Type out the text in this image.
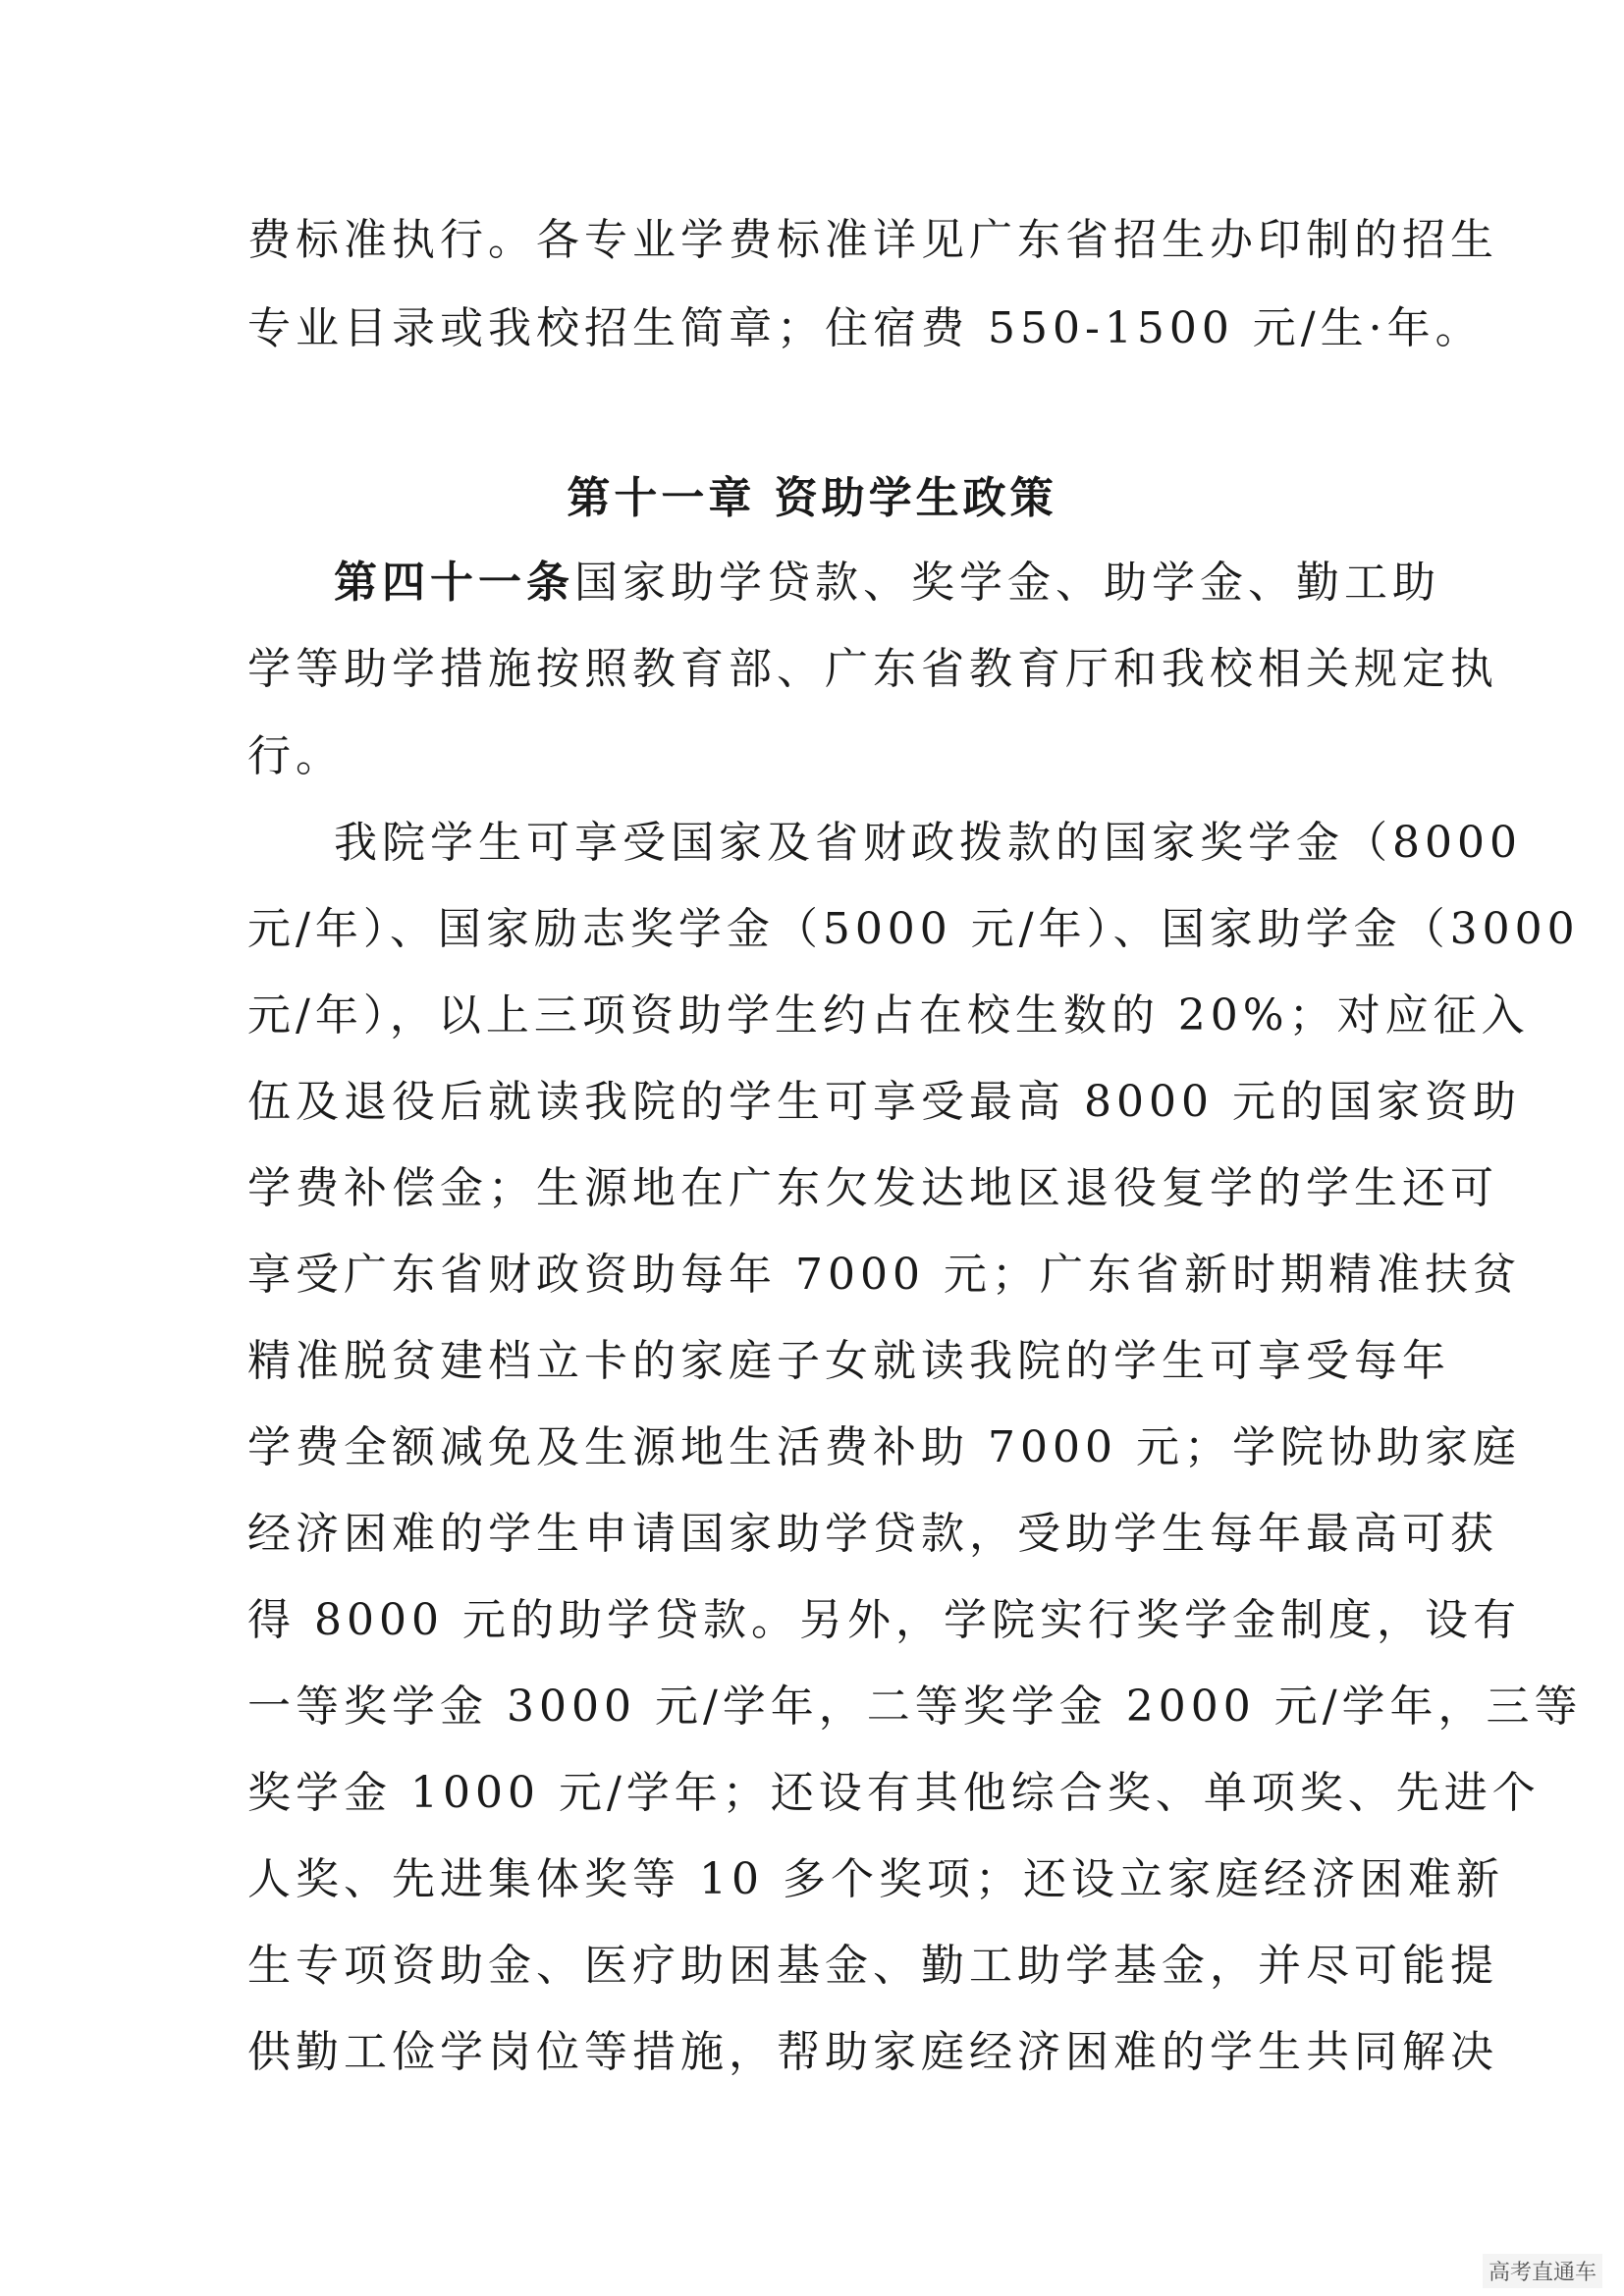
费标准执行。各专业学费标准详见广东省招生办印制的招生
专业目录或我校招生简章；住宿费 550-1500 元/生·年。
第十一章 资助学生政策
第四十一条 国家助学贷款、奖学金、助学金、勤工助
学等助学措施按照教育部、广东省教育厅和我校相关规定执
行。
我院学生可享受国家及省财政拨款的国家奖学金（8000
元/年）、国家励志奖学金（5000 元/年）、国家助学金（3000
元/年），以上三项资助学生约占在校生数的 20%；对应征入
伍及退役后就读我院的学生可享受最高 8000 元的国家资助
学费补偿金；生源地在广东欠发达地区退役复学的学生还可
享受广东省财政资助每年 7000 元；广东省新时期精准扶贫
精准脱贫建档立卡的家庭子女就读我院的学生可享受每年
学费全额减免及生源地生活费补助 7000 元；学院协助家庭
经济困难的学生申请国家助学贷款，受助学生每年最高可获
得 8000 元的助学贷款。另外，学院实行奖学金制度，设有
一等奖学金 3000 元/学年，二等奖学金 2000 元/学年，三等
奖学金 1000 元/学年；还设有其他综合奖、单项奖、先进个
人奖、先进集体奖等 10 多个奖项；还设立家庭经济困难新
生专项资助金、医疗助困基金、勤工助学基金，并尽可能提
供勤工俭学岗位等措施，帮助家庭经济困难的学生共同解决
高考直通车
